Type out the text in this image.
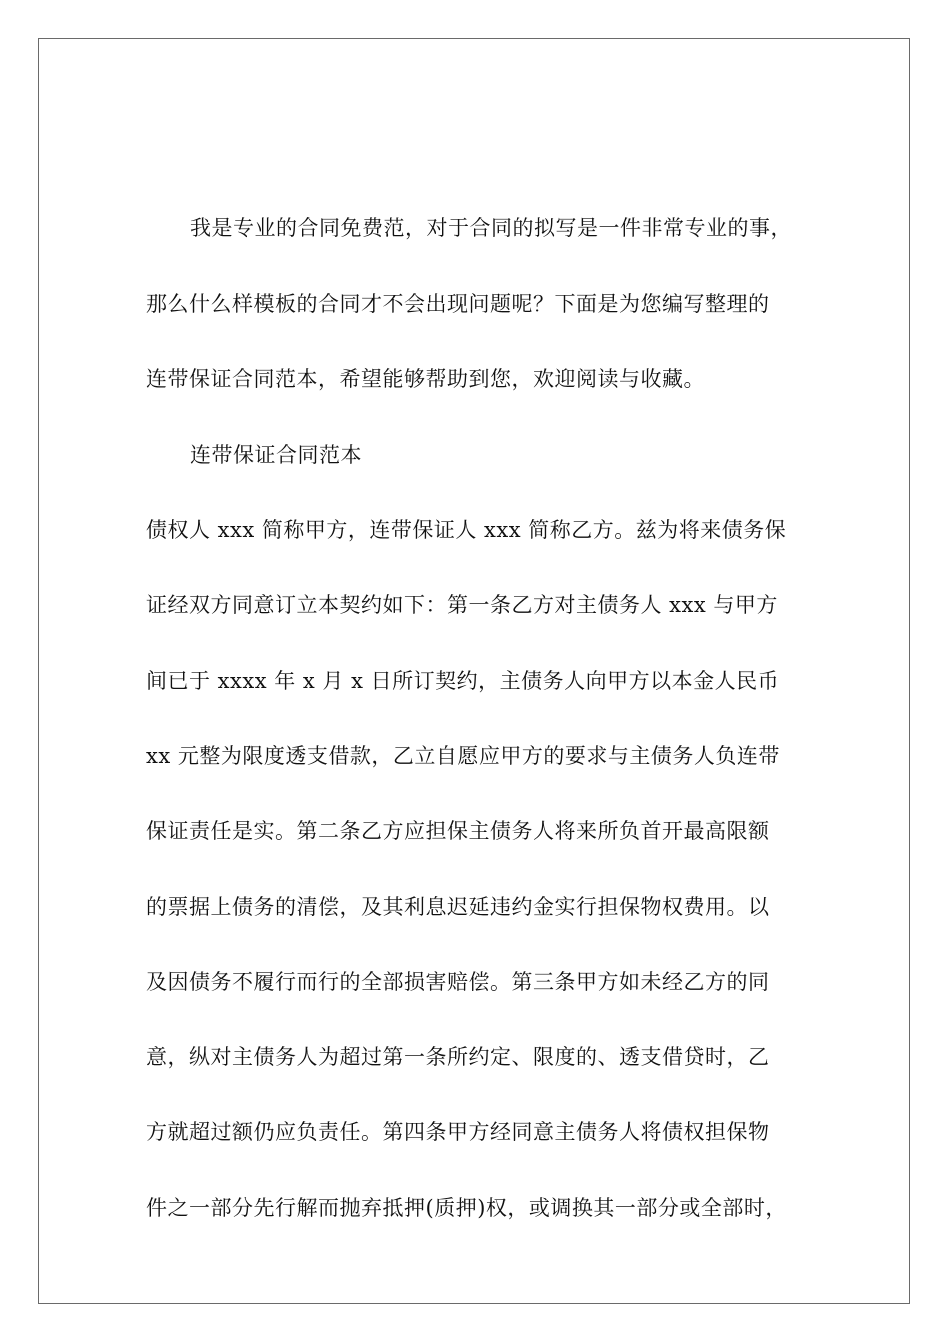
我是专业的合同免费范，对于合同的拟写是一件非常专业的事，
那么什么样模板的合同才不会出现问题呢？下面是为您编写整理的
连带保证合同范本，希望能够帮助到您，欢迎阅读与收藏。
连带保证合同范本
债权人 xxx 简称甲方，连带保证人 xxx 简称乙方。兹为将来债务保
证经双方同意订立本契约如下：第一条乙方对主债务人 xxx 与甲方
间已于 xxxx 年 x 月 x 日所订契约，主债务人向甲方以本金人民币
xx 元整为限度透支借款，乙立自愿应甲方的要求与主债务人负连带
保证责任是实。第二条乙方应担保主债务人将来所负首开最高限额
的票据上债务的清偿，及其利息迟延违约金实行担保物权费用。以
及因债务不履行而行的全部损害赔偿。第三条甲方如未经乙方的同
意，纵对主债务人为超过第一条所约定、限度的、透支借贷时，乙
方就超过额仍应负责任。第四条甲方经同意主债务人将债权担保物
件之一部分先行解而抛弃抵押(质押)权，或调换其一部分或全部时，
